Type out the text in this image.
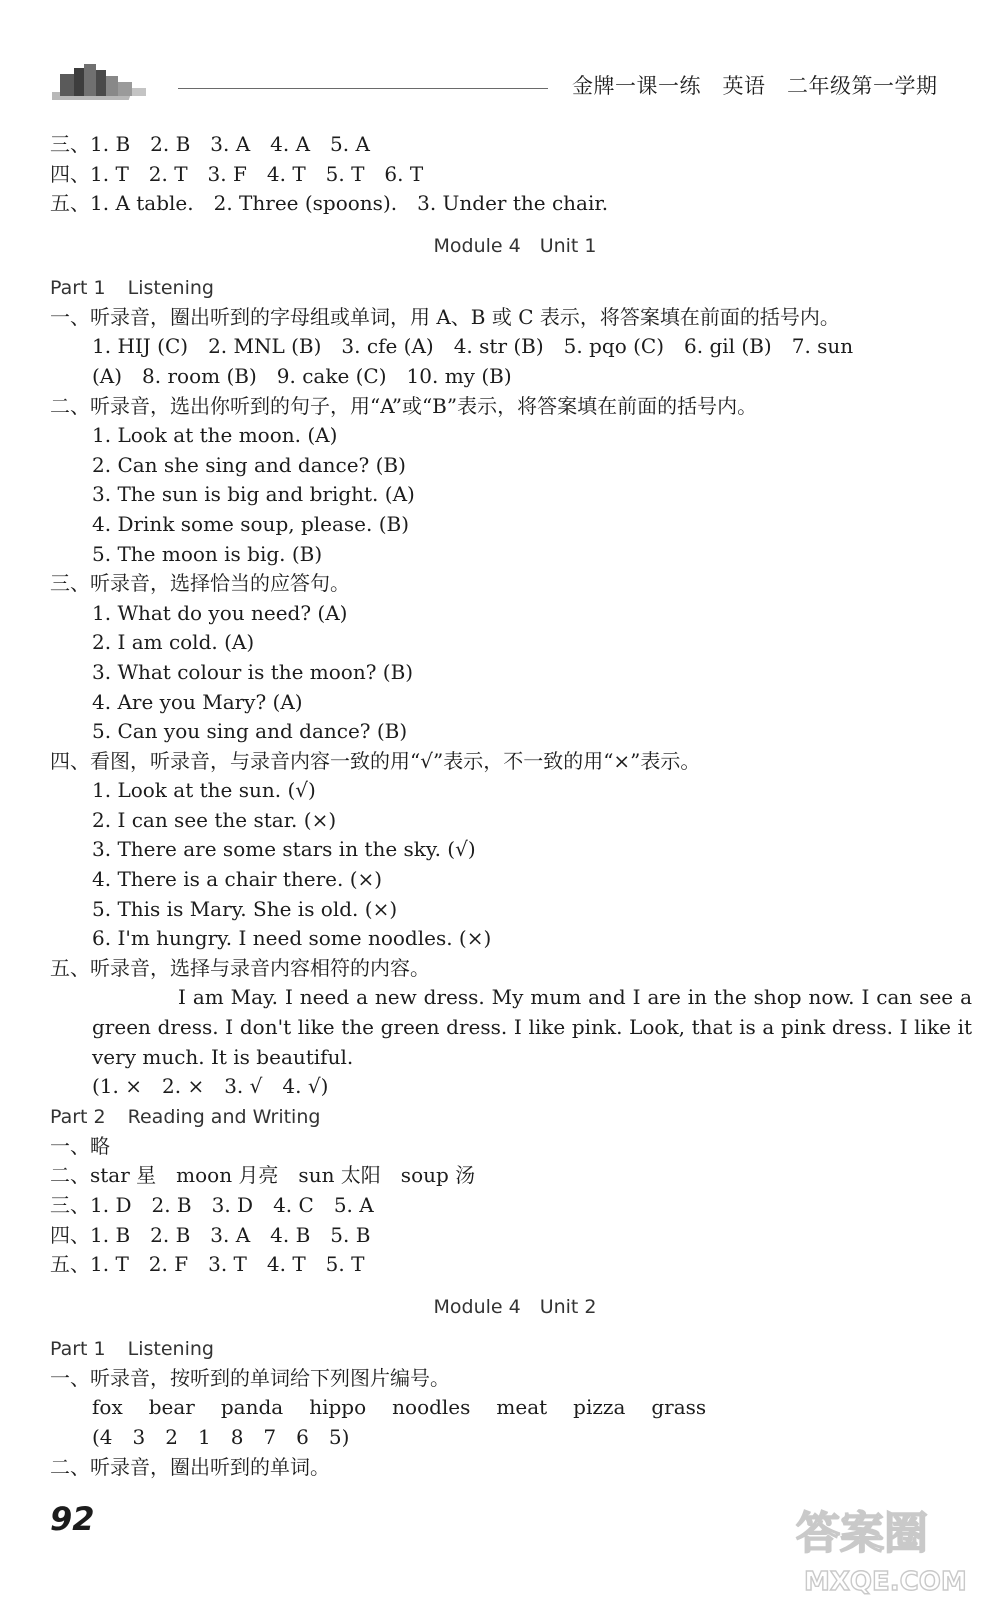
金牌一课一练　英语　二年级第一学期
三、1. B　2. B　3. A　4. A　5. A
四、1. T　2. T　3. F　4. T　5. T　6. T
五、1. A table.　2. Three (spoons).　3. Under the chair.
Module 4　Unit 1
Part 1 Listening
一、听录音，圈出听到的字母组或单词，用 A、B 或 C 表示，将答案填在前面的括号内。
1. HIJ (C)　2. MNL (B)　3. cfe (A)　4. str (B)　5. pqo (C)　6. gil (B)　7. sun
(A)　8. room (B)　9. cake (C)　10. my (B)
二、听录音，选出你听到的句子，用“A”或“B”表示，将答案填在前面的括号内。
1. Look at the moon. (A)
2. Can she sing and dance? (B)
3. The sun is big and bright. (A)
4. Drink some soup, please. (B)
5. The moon is big. (B)
三、听录音，选择恰当的应答句。
1. What do you need? (A)
2. I am cold. (A)
3. What colour is the moon? (B)
4. Are you Mary? (A)
5. Can you sing and dance? (B)
四、看图，听录音，与录音内容一致的用“√”表示，不一致的用“×”表示。
1. Look at the sun. (√)
2. I can see the star. (×)
3. There are some stars in the sky. (√)
4. There is a chair there. (×)
5. This is Mary. She is old. (×)
6. I'm hungry. I need some noodles. (×)
五、听录音，选择与录音内容相符的内容。
I am May. I need a new dress. My mum and I are in the shop now. I can see a green dress. I don't like the green dress. I like pink. Look, that is a pink dress. I like it very much. It is beautiful.
(1. ×　2. ×　3. √　4. √)
Part 2 Reading and Writing
一、略
二、star 星　moon 月亮　sun 太阳　soup 汤
三、1. D　2. B　3. D　4. C　5. A
四、1. B　2. B　3. A　4. B　5. B
五、1. T　2. F　3. T　4. T　5. T
Module 4　Unit 2
Part 1 Listening
一、听录音，按听到的单词给下列图片编号。
fox bear panda hippo noodles meat pizza grass
(4　3　2　1　8　7　6　5)
二、听录音，圈出听到的单词。
92	答案圈
MXQE.COM
